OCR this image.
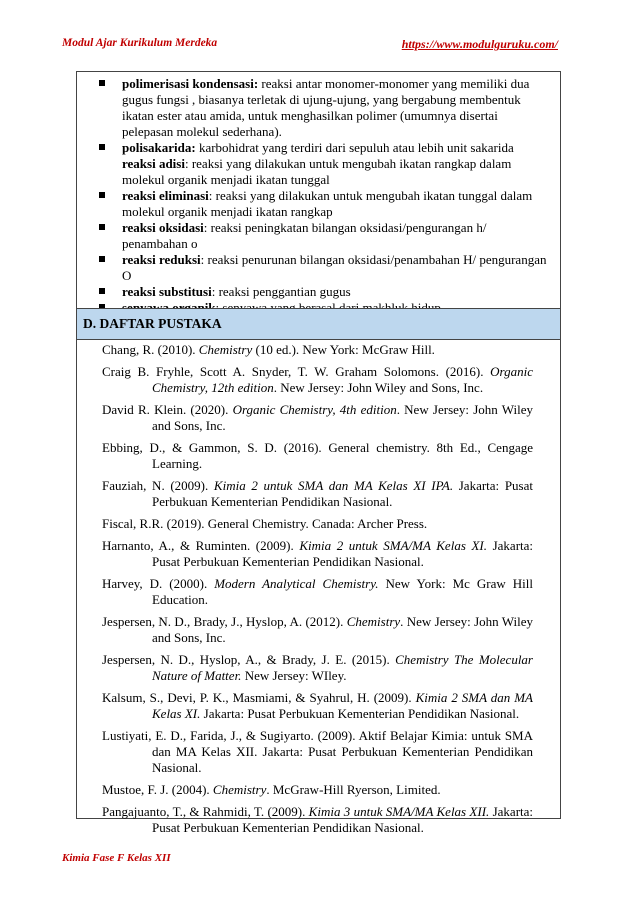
Modul Ajar Kurikulum Merdeka	https://www.modulguruku.com/
polimerisasi kondensasi: reaksi antar monomer-monomer yang memiliki dua gugus fungsi , biasanya terletak di ujung-ujung, yang bergabung membentuk ikatan ester atau amida, untuk menghasilkan polimer (umumnya disertai pelepasan molekul sederhana).
polisakarida: karbohidrat yang terdiri dari sepuluh atau lebih unit sakarida reaksi adisi: reaksi yang dilakukan untuk mengubah ikatan rangkap dalam molekul organik menjadi ikatan tunggal
reaksi eliminasi: reaksi yang dilakukan untuk mengubah ikatan tunggal dalam molekul organik menjadi ikatan rangkap
reaksi oksidasi: reaksi peningkatan bilangan oksidasi/pengurangan h/ penambahan o
reaksi reduksi: reaksi penurunan bilangan oksidasi/penambahan H/ pengurangan O
reaksi substitusi: reaksi penggantian gugus
D. DAFTAR PUSTAKA
Chang, R. (2010). Chemistry (10 ed.). New York: McGraw Hill.
Craig B. Fryhle, Scott A. Snyder, T. W. Graham Solomons. (2016). Organic Chemistry, 12th edition. New Jersey: John Wiley and Sons, Inc.
David R. Klein. (2020). Organic Chemistry, 4th edition. New Jersey: John Wiley and Sons, Inc.
Ebbing, D., & Gammon, S. D. (2016). General chemistry. 8th Ed., Cengage Learning.
Fauziah, N. (2009). Kimia 2 untuk SMA dan MA Kelas XI IPA. Jakarta: Pusat Perbukuan Kementerian Pendidikan Nasional.
Fiscal, R.R. (2019). General Chemistry. Canada: Archer Press.
Harnanto, A., & Ruminten. (2009). Kimia 2 untuk SMA/MA Kelas XI. Jakarta: Pusat Perbukuan Kementerian Pendidikan Nasional.
Harvey, D. (2000). Modern Analytical Chemistry. New York: Mc Graw Hill Education.
Jespersen, N. D., Brady, J., Hyslop, A. (2012). Chemistry. New Jersey: John Wiley and Sons, Inc.
Jespersen, N. D., Hyslop, A., & Brady, J. E. (2015). Chemistry The Molecular Nature of Matter. New Jersey: WIley.
Kalsum, S., Devi, P. K., Masmiami, & Syahrul, H. (2009). Kimia 2 SMA dan MA Kelas XI. Jakarta: Pusat Perbukuan Kementerian Pendidikan Nasional.
Lustiyati, E. D., Farida, J., & Sugiyarto. (2009). Aktif Belajar Kimia: untuk SMA dan MA Kelas XII. Jakarta: Pusat Perbukuan Kementerian Pendidikan Nasional.
Mustoe, F. J. (2004). Chemistry. McGraw-Hill Ryerson, Limited.
Pangajuanto, T., & Rahmidi, T. (2009). Kimia 3 untuk SMA/MA Kelas XII. Jakarta: Pusat Perbukuan Kementerian Pendidikan Nasional.
Kimia Fase F Kelas XII
